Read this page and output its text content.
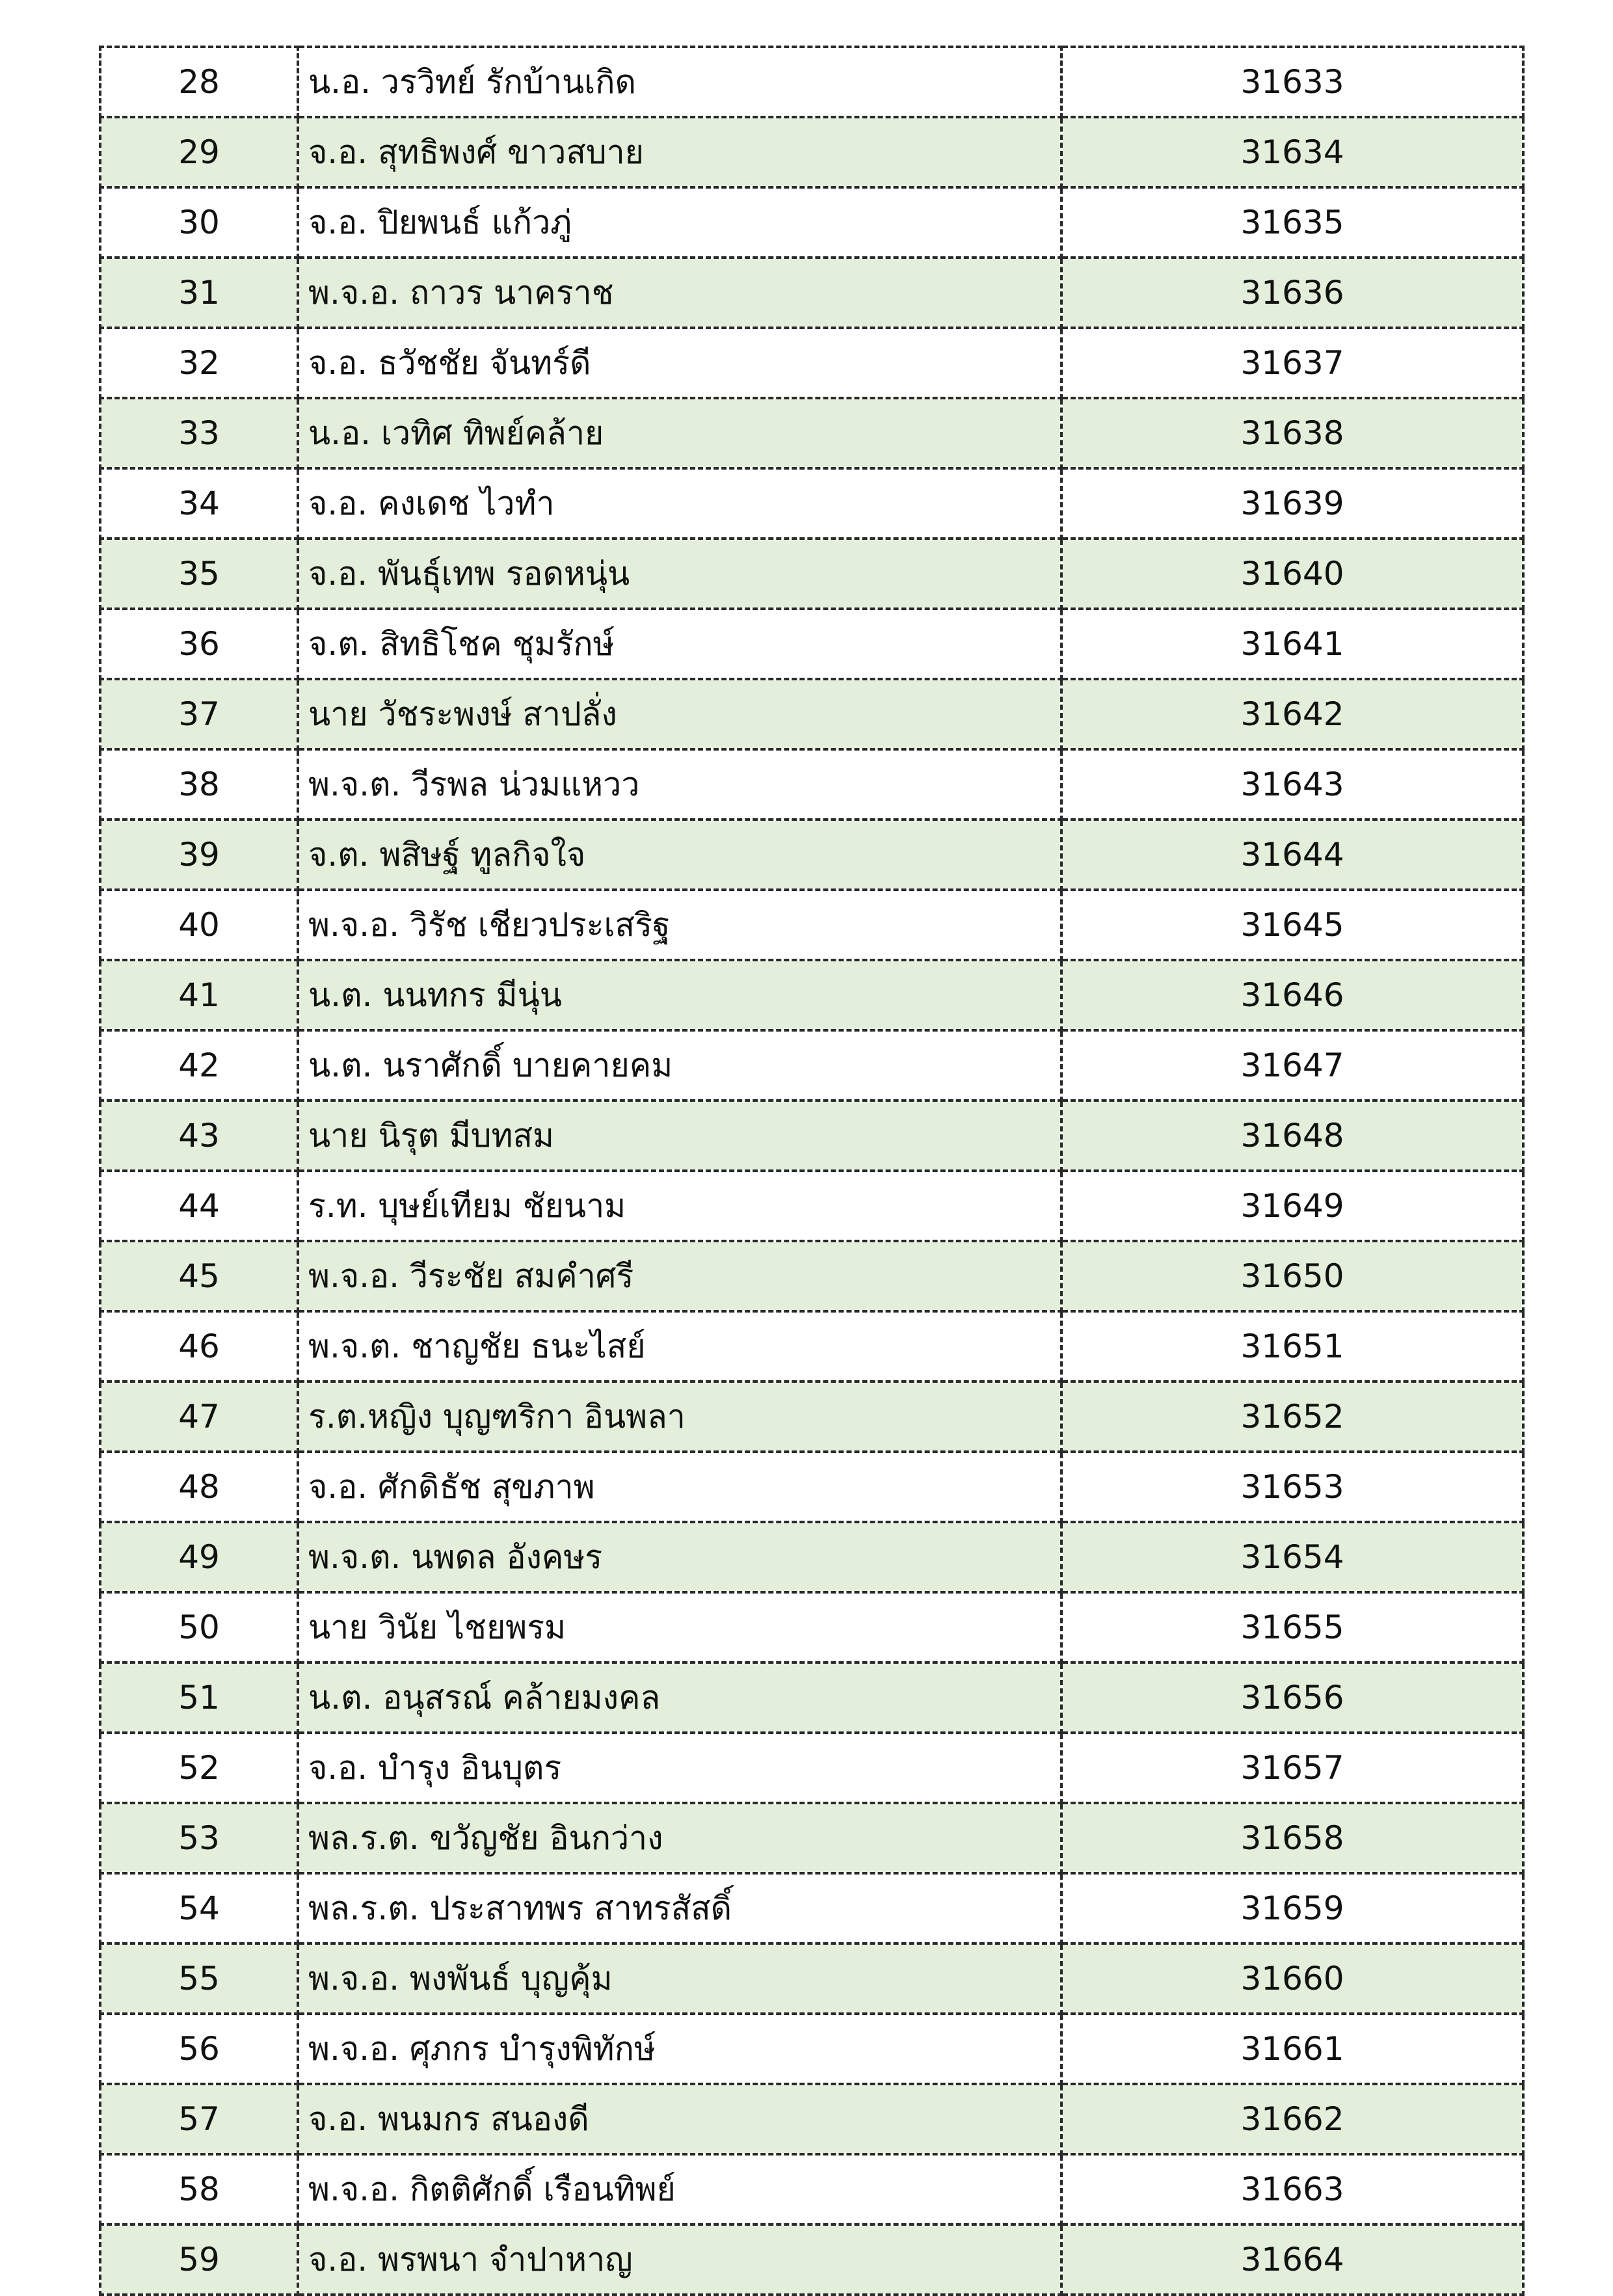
28	น.อ. วรวิทย์ รักบ้านเกิด	31633
29	จ.อ. สุทธิพงศ์ ขาวสบาย	31634
30	จ.อ. ปิยพนธ์ แก้วภู่	31635
31	พ.จ.อ. ถาวร นาคราช	31636
32	จ.อ. ธวัชชัย จันทร์ดี	31637
33	น.อ. เวทิศ ทิพย์คล้าย	31638
34	จ.อ. คงเดช ไวทำ	31639
35	จ.อ. พันธุ์เทพ รอดหนุ่น	31640
36	จ.ต. สิทธิโชค ชุมรักษ์	31641
37	นาย วัชระพงษ์ สาปลั่ง	31642
38	พ.จ.ต. วีรพล น่วมแหวว	31643
39	จ.ต. พสิษฐ์ ทูลกิจใจ	31644
40	พ.จ.อ. วิรัช เชียวประเสริฐ	31645
41	น.ต. นนทกร มีนุ่น	31646
42	น.ต. นราศักดิ์ บายคายคม	31647
43	นาย นิรุต มีบทสม	31648
44	ร.ท. บุษย์เทียม ชัยนาม	31649
45	พ.จ.อ. วีระชัย สมคำศรี	31650
46	พ.จ.ต. ชาญชัย ธนะไสย์	31651
47	ร.ต.หญิง บุญฑริกา อินพลา	31652
48	จ.อ. ศักดิธัช สุขภาพ	31653
49	พ.จ.ต. นพดล อังคษร	31654
50	นาย วินัย ไชยพรม	31655
51	น.ต. อนุสรณ์ คล้ายมงคล	31656
52	จ.อ. บำรุง อินบุตร	31657
53	พล.ร.ต. ขวัญชัย อินกว่าง	31658
54	พล.ร.ต. ประสาทพร สาทรสัสดิ์	31659
55	พ.จ.อ. พงพันธ์ บุญคุ้ม	31660
56	พ.จ.อ. ศุภกร บำรุงพิทักษ์	31661
57	จ.อ. พนมกร สนองดี	31662
58	พ.จ.อ. กิตติศักดิ์ เรือนทิพย์	31663
59	จ.อ. พรพนา จำปาหาญ	31664
